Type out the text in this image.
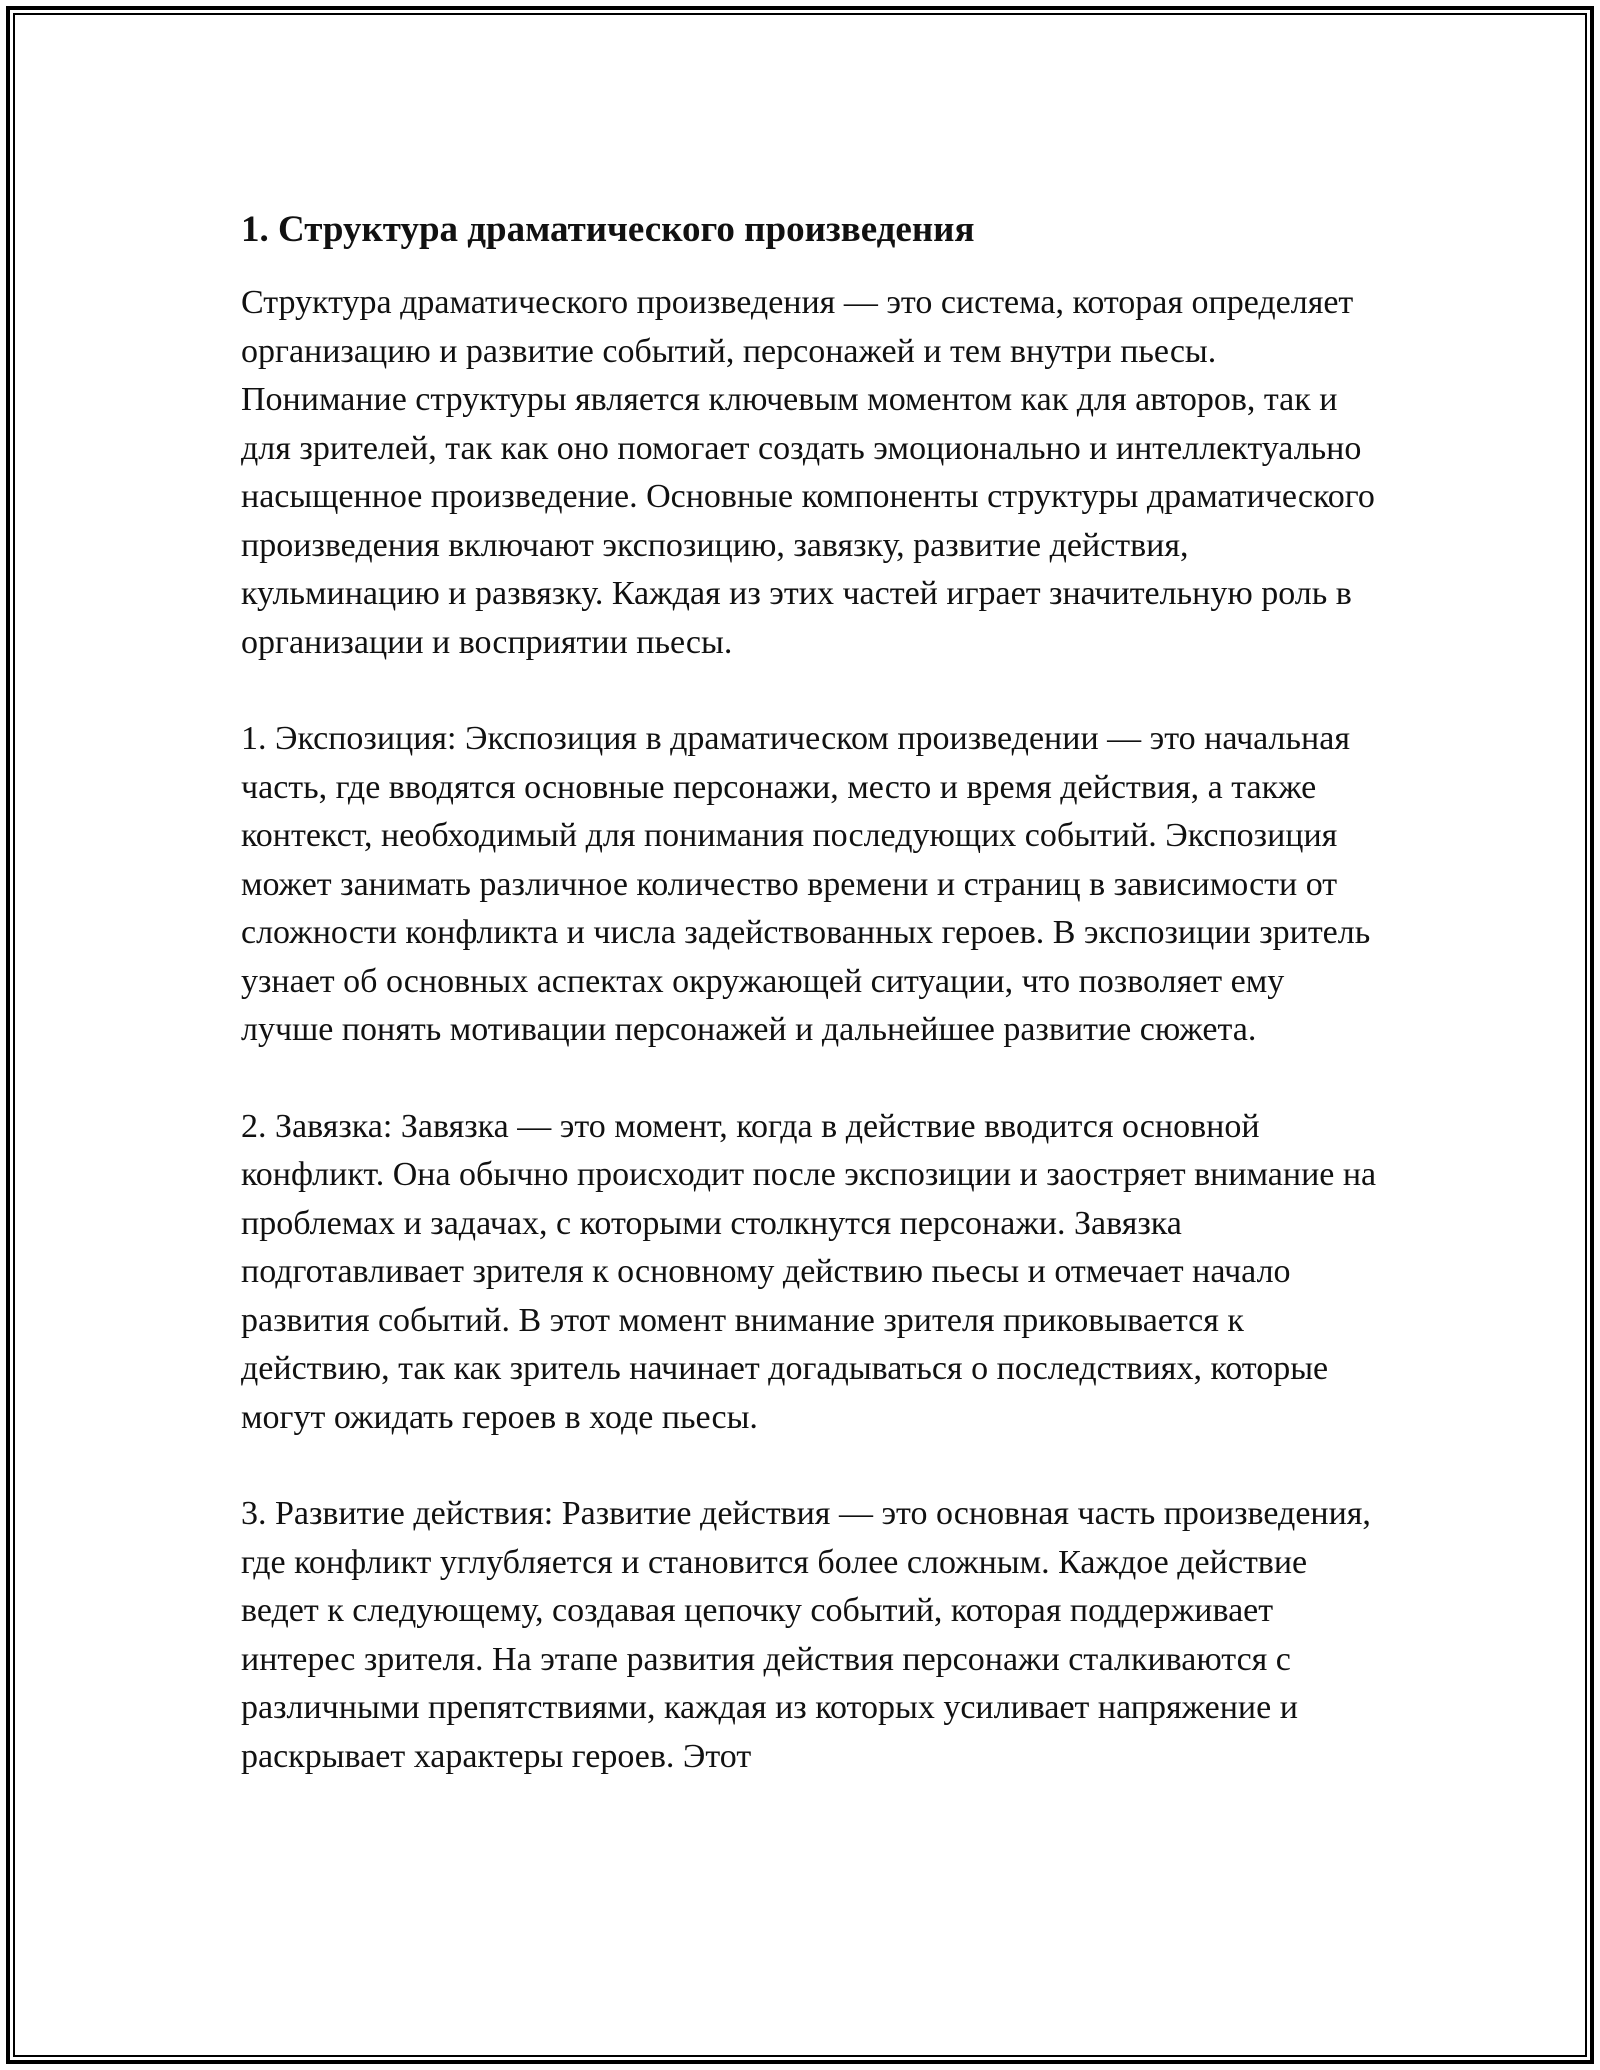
1. Структура драматического произведения

Структура драматического произведения — это система, которая определяет организацию и развитие событий, персонажей и тем внутри пьесы. Понимание структуры является ключевым моментом как для авторов, так и для зрителей, так как оно помогает создать эмоционально и интеллектуально насыщенное произведение. Основные компоненты структуры драматического произведения включают экспозицию, завязку, развитие действия, кульминацию и развязку. Каждая из этих частей играет значительную роль в организации и восприятии пьесы.

1. Экспозиция: Экспозиция в драматическом произведении — это начальная часть, где вводятся основные персонажи, место и время действия, а также контекст, необходимый для понимания последующих событий. Экспозиция может занимать различное количество времени и страниц в зависимости от сложности конфликта и числа задействованных героев. В экспозиции зритель узнает об основных аспектах окружающей ситуации, что позволяет ему лучше понять мотивации персонажей и дальнейшее развитие сюжета.

2. Завязка: Завязка — это момент, когда в действие вводится основной конфликт. Она обычно происходит после экспозиции и заостряет внимание на проблемах и задачах, с которыми столкнутся персонажи. Завязка подготавливает зрителя к основному действию пьесы и отмечает начало развития событий. В этот момент внимание зрителя приковывается к действию, так как зритель начинает догадываться о последствиях, которые могут ожидать героев в ходе пьесы.

3. Развитие действия: Развитие действия — это основная часть произведения, где конфликт углубляется и становится более сложным. Каждое действие ведет к следующему, создавая цепочку событий, которая поддерживает интерес зрителя. На этапе развития действия персонажи сталкиваются с различными препятствиями, каждая из которых усиливает напряжение и раскрывает характеры героев. Этот
